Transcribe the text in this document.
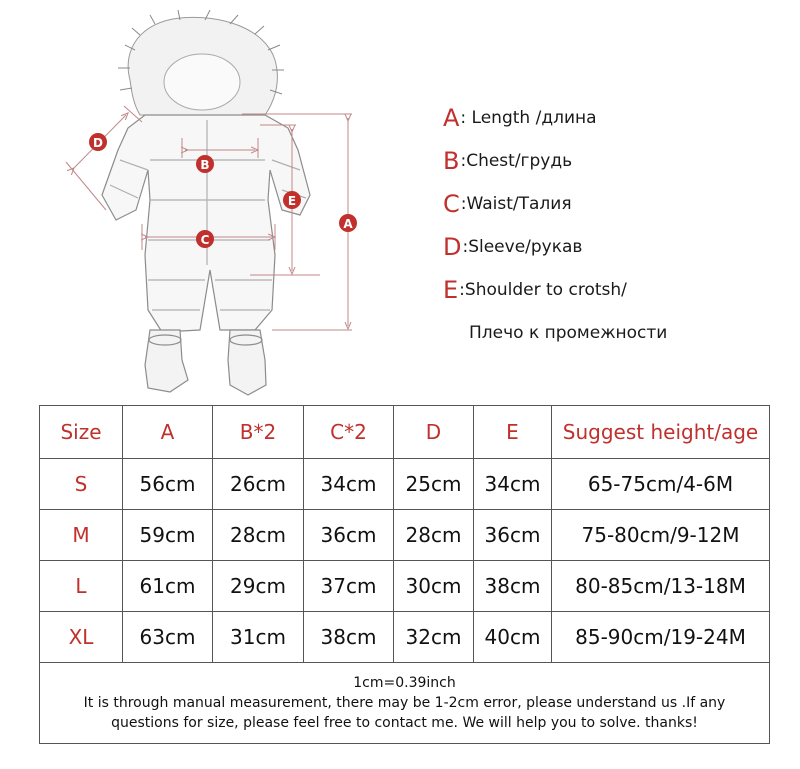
A
B
C
D
E
A : Length /длина
B :Chest/грудь
C :Waist/Талия
D :Sleeve/рукав
E :Shoulder to crotsh/
Плечо к промежности
Size	A	B*2	C*2	D	E	Suggest height/age
S	56cm	26cm	34cm	25cm	34cm	65-75cm/4-6M
M	59cm	28cm	36cm	28cm	36cm	75-80cm/9-12M
L	61cm	29cm	37cm	30cm	38cm	80-85cm/13-18M
XL	63cm	31cm	38cm	32cm	40cm	85-90cm/19-24M

1cm=0.39inch
It is through manual measurement, there may be 1-2cm error, please understand us .If any questions for size, please feel free to contact me. We will help you to solve. thanks!						
